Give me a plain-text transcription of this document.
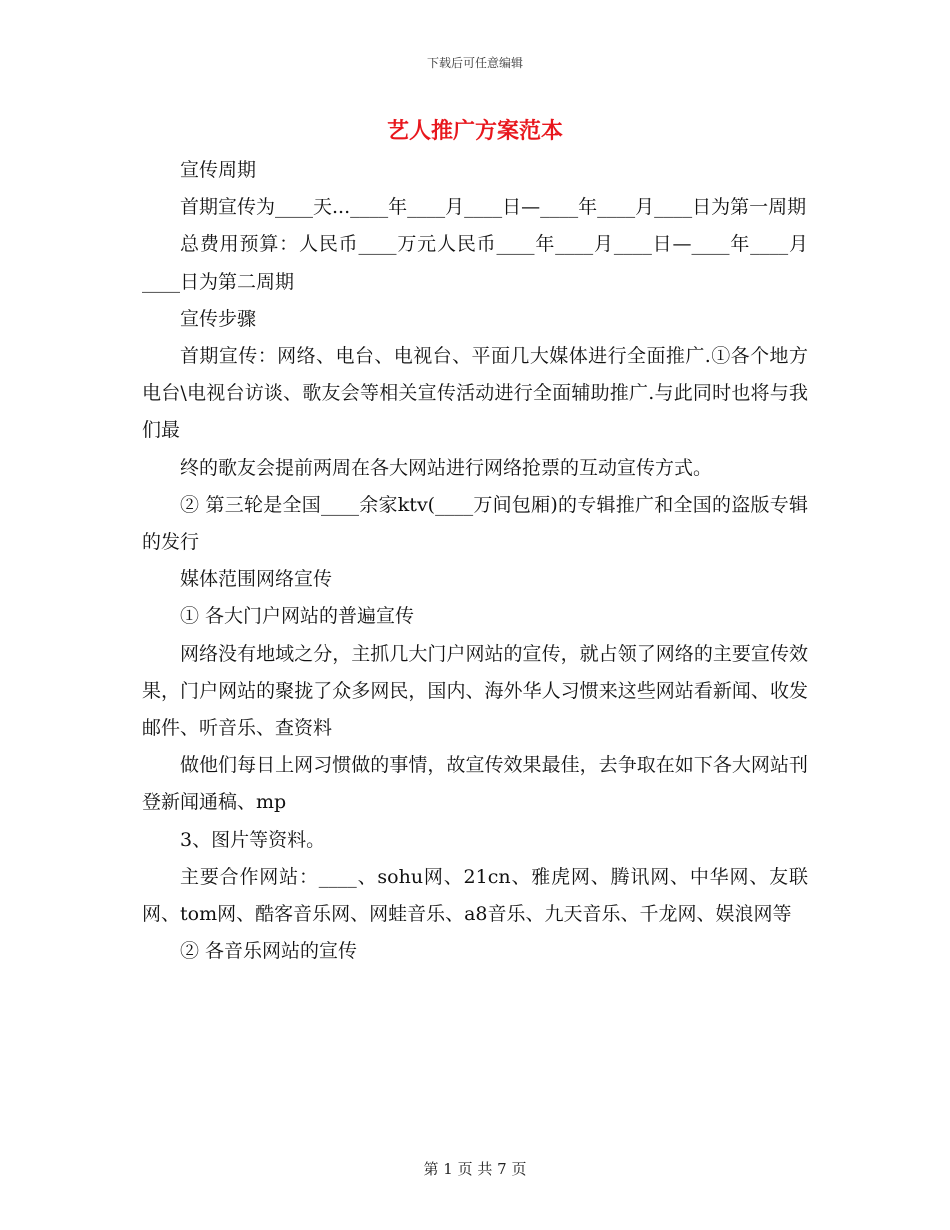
下载后可任意编辑
艺人推广方案范本

宣传周期

首期宣传为____天...____年____月____日—____年____月____日为第一周期

总费用预算：人民币____万元人民币____年____月____日—____年____月____日为第二周期

宣传步骤

首期宣传：网络、电台、电视台、平面几大媒体进行全面推广.①各个地方电台\电视台访谈、歌友会等相关宣传活动进行全面辅助推广.与此同时也将与我们最

终的歌友会提前两周在各大网站进行网络抢票的互动宣传方式。

② 第三轮是全国____余家ktv(____万间包厢)的专辑推广和全国的盗版专辑的发行

媒体范围网络宣传

① 各大门户网站的普遍宣传

网络没有地域之分，主抓几大门户网站的宣传，就占领了网络的主要宣传效果，门户网站的聚拢了众多网民，国内、海外华人习惯来这些网站看新闻、收发邮件、听音乐、查资料

做他们每日上网习惯做的事情，故宣传效果最佳，去争取在如下各大网站刊登新闻通稿、mp

3、图片等资料。

主要合作网站：____、sohu网、21cn、雅虎网、腾讯网、中华网、友联网、tom网、酷客音乐网、网蛙音乐、a8音乐、九天音乐、千龙网、娱浪网等

② 各音乐网站的宣传

第 1 页 共 7 页
